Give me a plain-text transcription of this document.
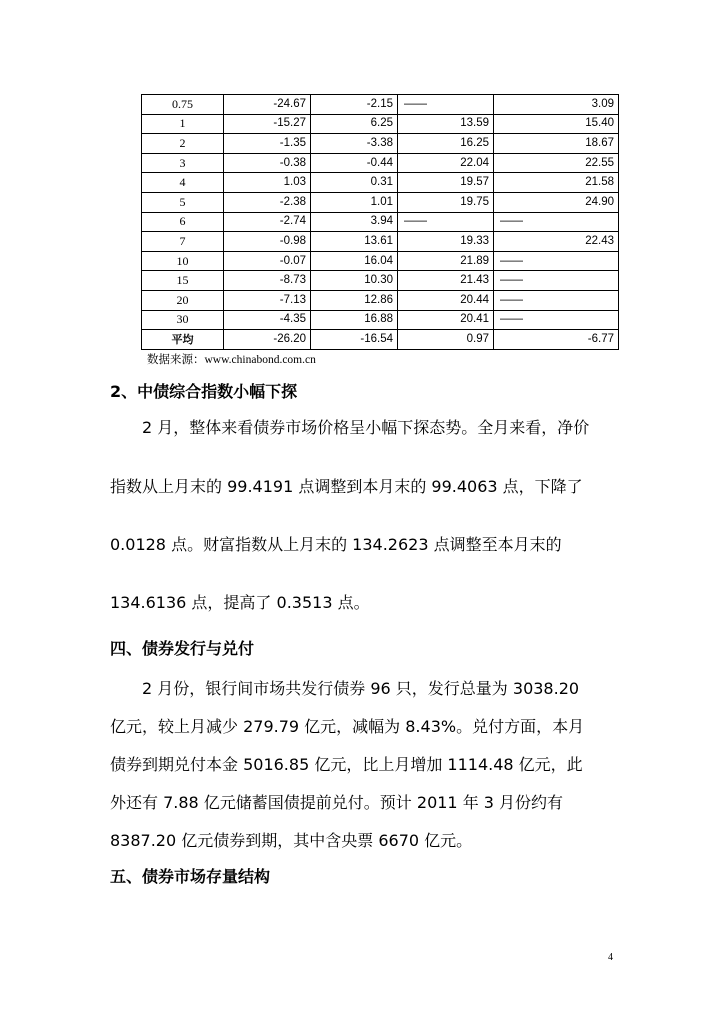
0.75	-24.67	-2.15	——	3.09
1	-15.27	6.25	13.59	15.40
2	-1.35	-3.38	16.25	18.67
3	-0.38	-0.44	22.04	22.55
4	1.03	0.31	19.57	21.58
5	-2.38	1.01	19.75	24.90
6	-2.74	3.94	——	——
7	-0.98	13.61	19.33	22.43
10	-0.07	16.04	21.89	——
15	-8.73	10.30	21.43	——
20	-7.13	12.86	20.44	——
30	-4.35	16.88	20.41	——
平均	-26.20	-16.54	0.97	-6.77
数据来源：www.chinabond.com.cn
2、中债综合指数小幅下探
2 月，整体来看债券市场价格呈小幅下探态势。全月来看，净价
指数从上月末的 99.4191 点调整到本月末的 99.4063 点，下降了
0.0128 点。财富指数从上月末的 134.2623 点调整至本月末的
134.6136 点，提高了 0.3513 点。
四、债券发行与兑付
2 月份，银行间市场共发行债券 96 只，发行总量为 3038.20
亿元，较上月减少 279.79 亿元，减幅为 8.43%。兑付方面，本月
债券到期兑付本金 5016.85 亿元，比上月增加 1114.48 亿元，此
外还有 7.88 亿元储蓄国债提前兑付。预计 2011 年 3 月份约有
8387.20 亿元债券到期，其中含央票 6670 亿元。
五、债券市场存量结构
4
